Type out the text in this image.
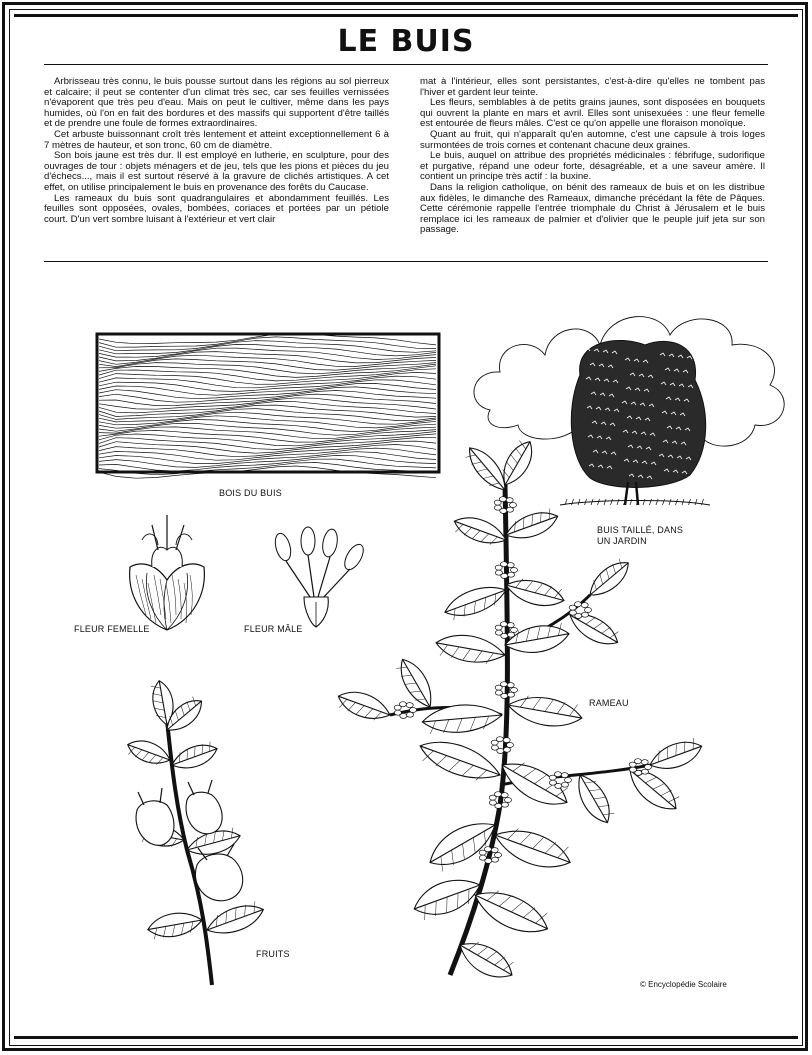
LE BUIS

Arbrisseau très connu, le buis pousse surtout dans les régions au sol pierreux et calcaire; il peut se contenter d'un climat très sec, car ses feuilles vernissées n'évaporent que très peu d'eau. Mais on peut le cultiver, même dans les pays humides, où l'on en fait des bordures et des massifs qui supportent d'être taillés et de prendre une foule de formes extraordinaires.

Cet arbuste buissonnant croît très lentement et atteint exceptionnellement 6 à 7 mètres de hauteur, et son tronc, 60 cm de diamètre.

Son bois jaune est très dur. Il est employé en lutherie, en sculpture, pour des ouvrages de tour : objets ménagers et de jeu, tels que les pions et pièces du jeu d'échecs..., mais il est surtout réservé à la gravure de clichés artistiques. A cet effet, on utilise principalement le buis en provenance des forêts du Caucase.

Les rameaux du buis sont quadrangulaires et abondamment feuillés. Les feuilles sont opposées, ovales, bombées, coriaces et portées par un pétiole court. D'un vert sombre luisant à l'extérieur et vert clair

mat à l'intérieur, elles sont persistantes, c'est-à-dire qu'elles ne tombent pas l'hiver et gardent leur teinte.

Les fleurs, semblables à de petits grains jaunes, sont disposées en bouquets qui ouvrent la plante en mars et avril. Elles sont unisexuées : une fleur femelle est entourée de fleurs mâles. C'est ce qu'on appelle une floraison monoïque.

Quant au fruit, qui n'apparaît qu'en automne, c'est une capsule à trois loges surmontées de trois cornes et contenant chacune deux graines.

Le buis, auquel on attribue des propriétés médicinales : fébrifuge, sudorifique et purgative, répand une odeur forte, désagréable, et a une saveur amère. Il contient un principe très actif : la buxine.

Dans la religion catholique, on bénit des rameaux de buis et on les distribue aux fidèles, le dimanche des Rameaux, dimanche précédant la fête de Pâques. Cette cérémonie rappelle l'entrée triomphale du Christ à Jérusalem et le buis remplace ici les rameaux de palmier et d'olivier que le peuple juif jeta sur son passage.

BOIS DU BUIS
BUIS TAILLÉ, DANS
UN JARDIN
FLEUR FEMELLE	FLEUR MÂLE
RAMEAU
FRUITS
© Encyclopédie Scolaire
